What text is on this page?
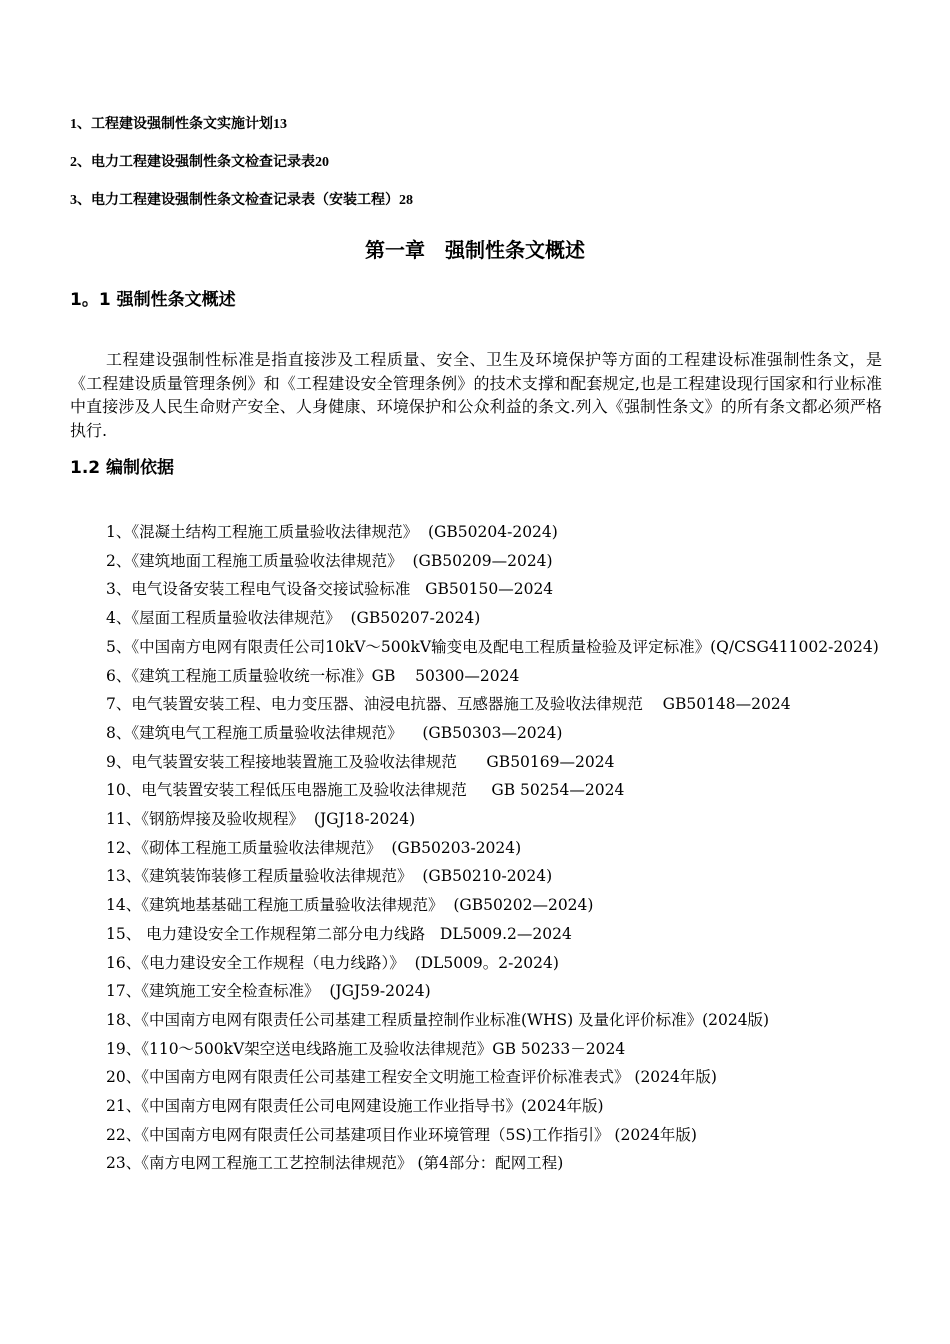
1、工程建设强制性条文实施计划13
2、电力工程建设强制性条文检查记录表20
3、电力工程建设强制性条文检查记录表（安装工程）28
第一章　强制性条文概述
1。1 强制性条文概述
工程建设强制性标准是指直接涉及工程质量、安全、卫生及环境保护等方面的工程建设标准强制性条文，是《工程建设质量管理条例》和《工程建设安全管理条例》的技术支撑和配套规定,也是工程建设现行国家和行业标准中直接涉及人民生命财产安全、人身健康、环境保护和公众利益的条文.列入《强制性条文》的所有条文都必须严格执行.
1.2 编制依据
1、《混凝土结构工程施工质量验收法律规范》  (GB50204-2024)
2、《建筑地面工程施工质量验收法律规范》  (GB50209—2024)
3、电气设备安装工程电气设备交接试验标准   GB50150—2024
4、《屋面工程质量验收法律规范》  (GB50207-2024)
5、《中国南方电网有限责任公司10kV～500kV输变电及配电工程质量检验及评定标准》(Q/CSG411002-2024)
6、《建筑工程施工质量验收统一标准》GB    50300—2024
7、电气装置安装工程、电力变压器、油浸电抗器、互感器施工及验收法律规范    GB50148—2024
8、《建筑电气工程施工质量验收法律规范》    (GB50303—2024)
9、电气装置安装工程接地装置施工及验收法律规范      GB50169—2024
10、电气装置安装工程低压电器施工及验收法律规范     GB 50254—2024
11、《钢筋焊接及验收规程》  (JGJ18-2024)
12、《砌体工程施工质量验收法律规范》  (GB50203-2024)
13、《建筑装饰装修工程质量验收法律规范》  (GB50210-2024)
14、《建筑地基基础工程施工质量验收法律规范》  (GB50202—2024)
15、 电力建设安全工作规程第二部分电力线路   DL5009.2—2024
16、《电力建设安全工作规程（电力线路）》  (DL5009。2-2024)
17、《建筑施工安全检查标准》  (JGJ59-2024)
18、《中国南方电网有限责任公司基建工程质量控制作业标准(WHS) 及量化评价标准》(2024版)
19、《110～500kV架空送电线路施工及验收法律规范》GB 50233－2024
20、《中国南方电网有限责任公司基建工程安全文明施工检查评价标准表式》 (2024年版)
21、《中国南方电网有限责任公司电网建设施工作业指导书》(2024年版)
22、《中国南方电网有限责任公司基建项目作业环境管理（5S)工作指引》 (2024年版)
23、《南方电网工程施工工艺控制法律规范》 (第4部分：配网工程)
